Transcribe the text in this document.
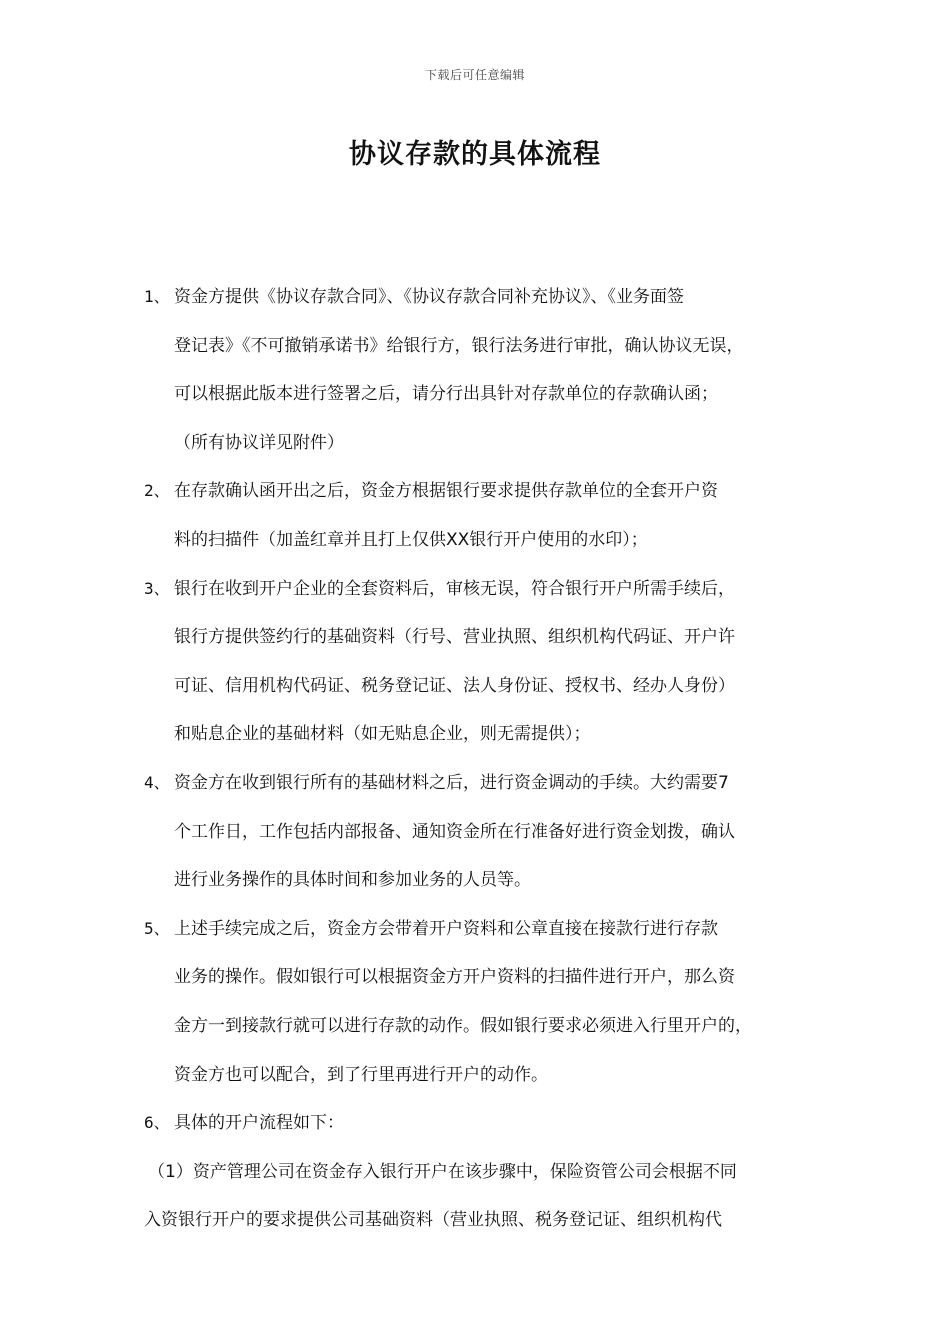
下载后可任意编辑
协议存款的具体流程
1、 资金方提供《协议存款合同》、《协议存款合同补充协议》、《业务面签
登记表》《不可撤销承诺书》给银行方，银行法务进行审批，确认协议无误，
可以根据此版本进行签署之后，请分行出具针对存款单位的存款确认函；
（所有协议详见附件）
2、 在存款确认函开出之后，资金方根据银行要求提供存款单位的全套开户资
料的扫描件（加盖红章并且打上仅供XX银行开户使用的水印）；
3、 银行在收到开户企业的全套资料后，审核无误，符合银行开户所需手续后，
银行方提供签约行的基础资料（行号、营业执照、组织机构代码证、开户许
可证、信用机构代码证、税务登记证、法人身份证、授权书、经办人身份）
和贴息企业的基础材料（如无贴息企业，则无需提供）；
4、 资金方在收到银行所有的基础材料之后，进行资金调动的手续。大约需要7
个工作日，工作包括内部报备、通知资金所在行准备好进行资金划拨，确认
进行业务操作的具体时间和参加业务的人员等。
5、 上述手续完成之后，资金方会带着开户资料和公章直接在接款行进行存款
业务的操作。假如银行可以根据资金方开户资料的扫描件进行开户，那么资
金方一到接款行就可以进行存款的动作。假如银行要求必须进入行里开户的，
资金方也可以配合，到了行里再进行开户的动作。
6、 具体的开户流程如下：
（1）资产管理公司在资金存入银行开户在该步骤中，保险资管公司会根据不同
入资银行开户的要求提供公司基础资料（营业执照、税务登记证、组织机构代
